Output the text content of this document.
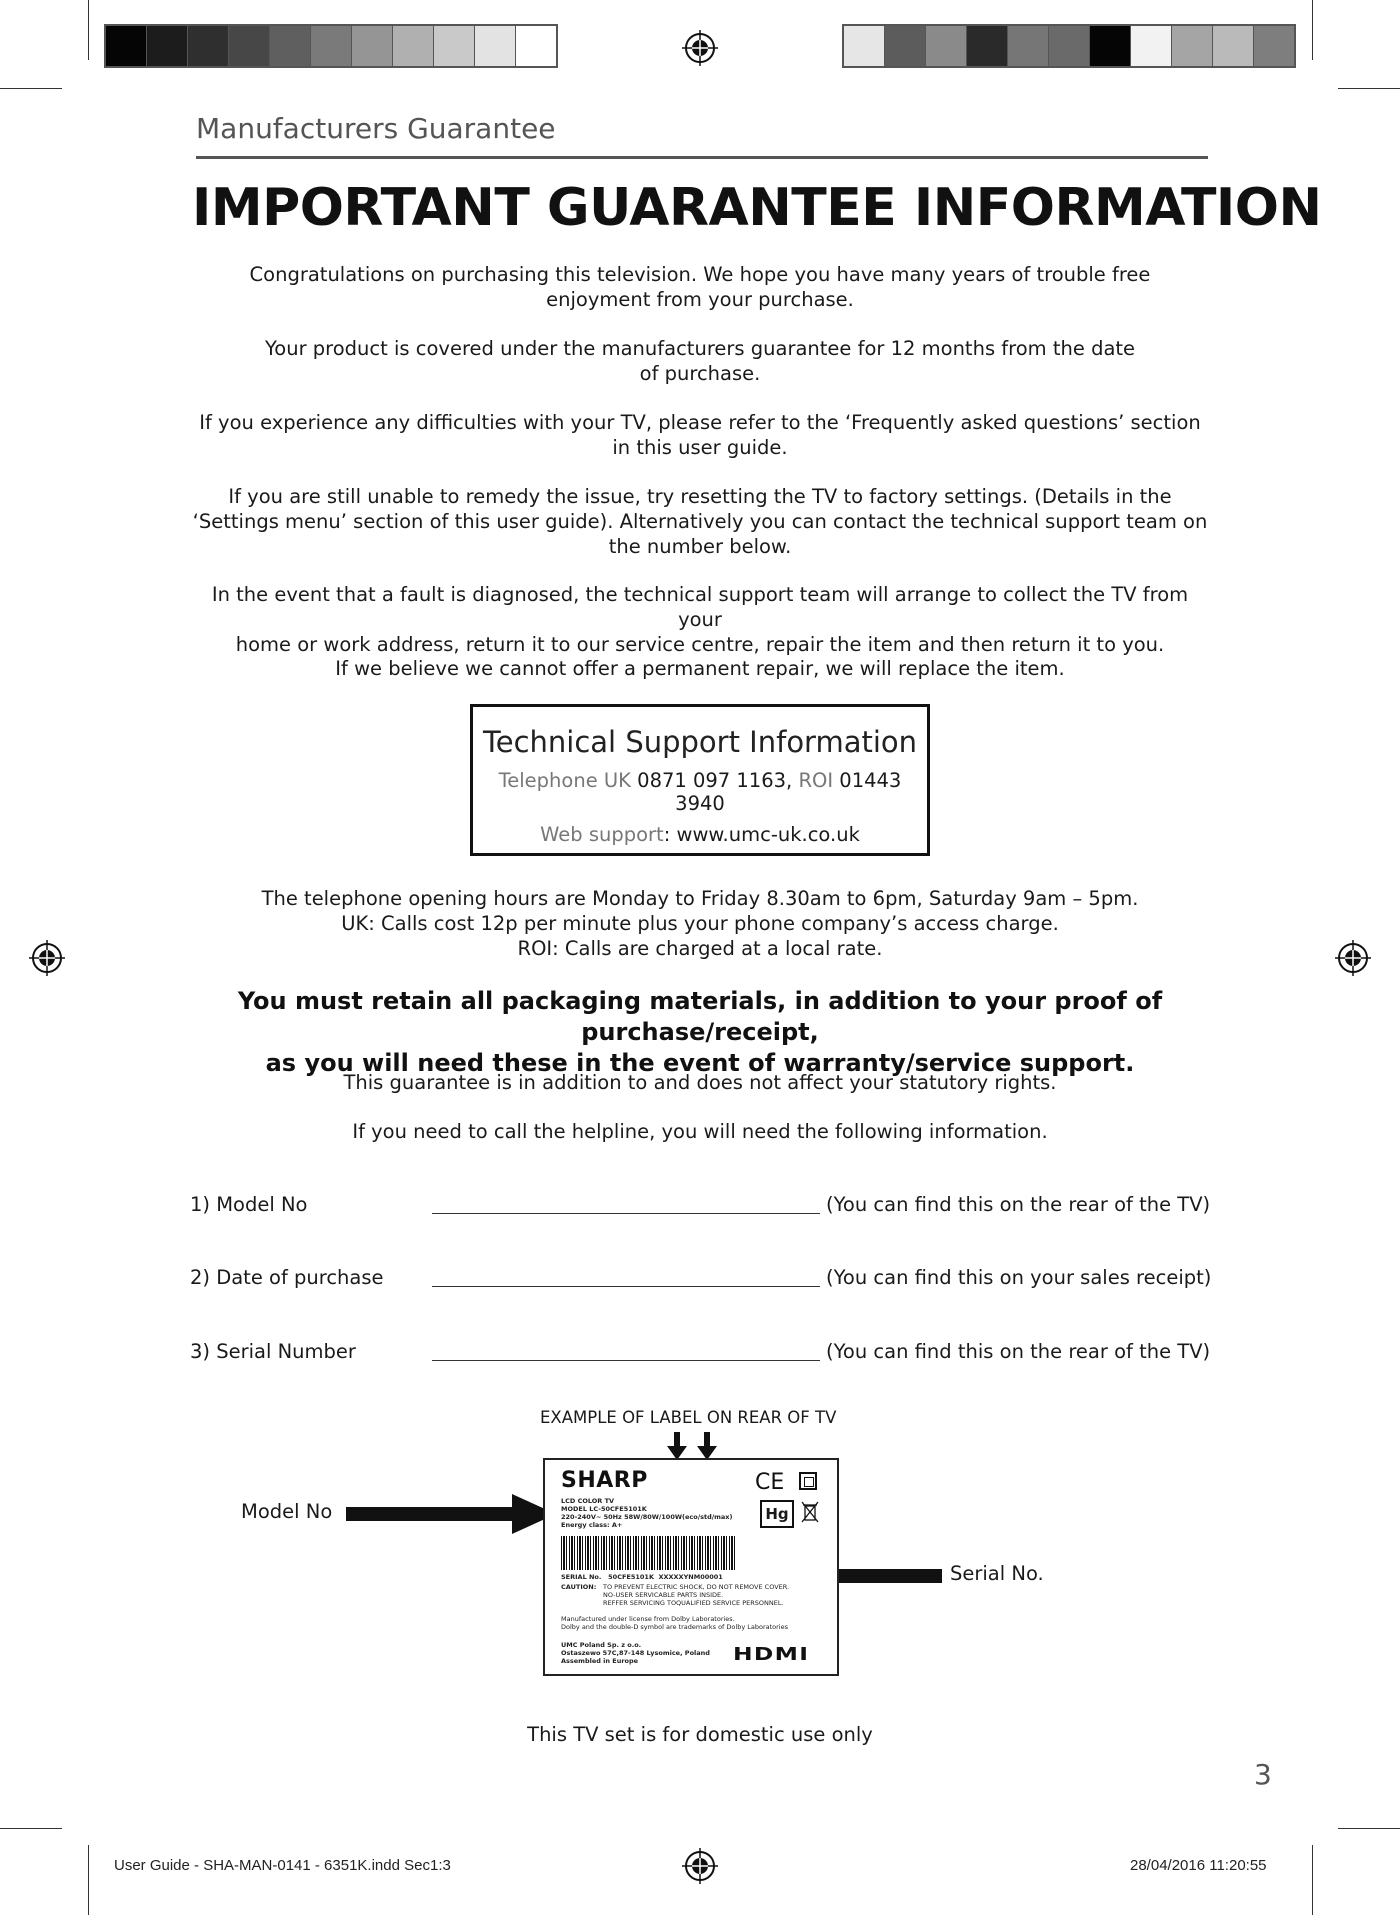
Manufacturers Guarantee
IMPORTANT GUARANTEE INFORMATION
Congratulations on purchasing this television. We hope you have many years of trouble free
enjoyment from your purchase.
Your product is covered under the manufacturers guarantee for 12 months from the date
of purchase.
If you experience any difficulties with your TV, please refer to the ‘Frequently asked questions’ section
in this user guide.
If you are still unable to remedy the issue, try resetting the TV to factory settings. (Details in the
‘Settings menu’ section of this user guide). Alternatively you can contact the technical support team on
the number below.
In the event that a fault is diagnosed, the technical support team will arrange to collect the TV from your
home or work address, return it to our service centre, repair the item and then return it to you.
If we believe we cannot offer a permanent repair, we will replace the item.
Technical Support Information
Telephone UK 0871 097 1163, ROI 01443 3940
Web support: www.umc-uk.co.uk
The telephone opening hours are Monday to Friday 8.30am to 6pm, Saturday 9am – 5pm.
UK: Calls cost 12p per minute plus your phone company’s access charge.
ROI: Calls are charged at a local rate.
You must retain all packaging materials, in addition to your proof of purchase/receipt,
as you will need these in the event of warranty/service support.
This guarantee is in addition to and does not affect your statutory rights.
If you need to call the helpline, you will need the following information.
1) Model No	(You can find this on the rear of the TV)
2) Date of purchase	(You can find this on your sales receipt)
3) Serial Number	(You can find this on the rear of the TV)
EXAMPLE OF LABEL ON REAR OF TV
Model No
Serial No.
SHARP	CE
Hg
LCD COLOR TV
MODEL LC-50CFE5101K
220-240V~ 50Hz 58W/80W/100W(eco/std/max)
Energy class: A+
SERIAL No. 50CFE5101K XXXXXYNM00001
CAUTION: TO PREVENT ELECTRIC SHOCK, DO NOT REMOVE COVER.
NO-USER SERVICABLE PARTS INSIDE.
REFFER SERVICING TOQUALIFIED SERVICE PERSONNEL.
Manufactured under license from Dolby Laboratories.
Dolby and the double-D symbol are trademarks of Dolby Laboratories
UMC Poland Sp. z o.o.
Ostaszewo 57C,87-148 Lysomice, Poland
Assembled in Europe	HDMI
This TV set is for domestic use only
3
User Guide - SHA-MAN-0141 - 6351K.indd Sec1:3	28/04/2016 11:20:55
